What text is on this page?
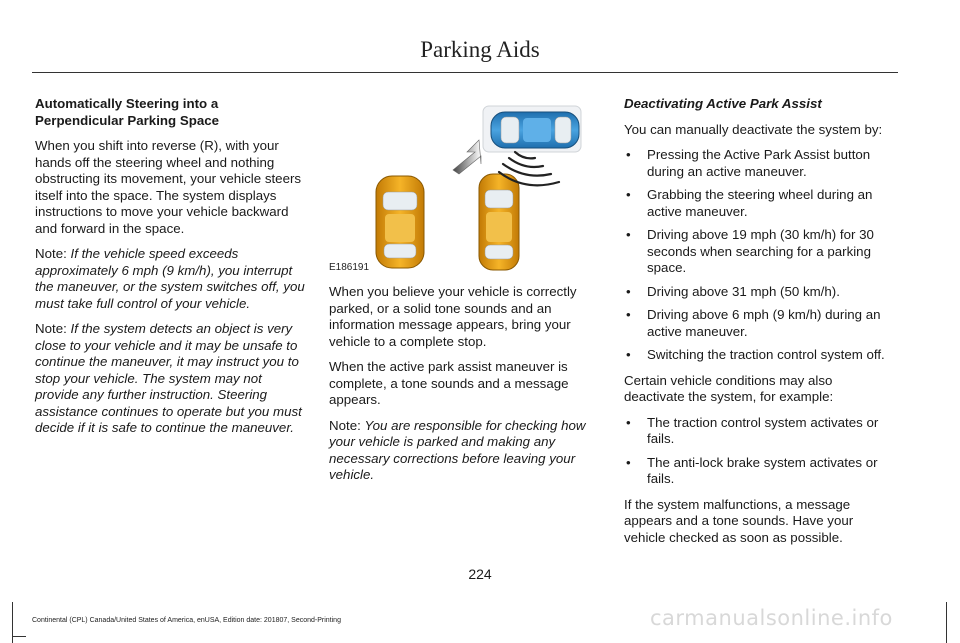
Parking Aids
Automatically Steering into a Perpendicular Parking Space

When you shift into reverse (R), with your hands off the steering wheel and nothing obstructing its movement, your vehicle steers itself into the space. The system displays instructions to move your vehicle backward and forward in the space.

Note: If the vehicle speed exceeds approximately 6 mph (9 km/h), you interrupt the maneuver, or the system switches off, you must take full control of your vehicle.

Note: If the system detects an object is very close to your vehicle and it may be unsafe to continue the maneuver, it may instruct you to stop your vehicle. The system may not provide any further instruction. Steering assistance continues to operate but you must decide if it is safe to continue the maneuver.

E186191

When you believe your vehicle is correctly parked, or a solid tone sounds and an information message appears, bring your vehicle to a complete stop.

When the active park assist maneuver is complete, a tone sounds and a message appears.

Note: You are responsible for checking how your vehicle is parked and making any necessary corrections before leaving your vehicle.

Deactivating Active Park Assist

You can manually deactivate the system by:

• Pressing the Active Park Assist button during an active maneuver.
• Grabbing the steering wheel during an active maneuver.
• Driving above 19 mph (30 km/h) for 30 seconds when searching for a parking space.
• Driving above 31 mph (50 km/h).
• Driving above 6 mph (9 km/h) during an active maneuver.
• Switching the traction control system off.

Certain vehicle conditions may also deactivate the system, for example:

• The traction control system activates or fails.
• The anti-lock brake system activates or fails.

If the system malfunctions, a message appears and a tone sounds. Have your vehicle checked as soon as possible.

224
Continental (CPL) Canada/United States of America, enUSA, Edition date: 201807, Second-Printing	carmanualsonline.info
